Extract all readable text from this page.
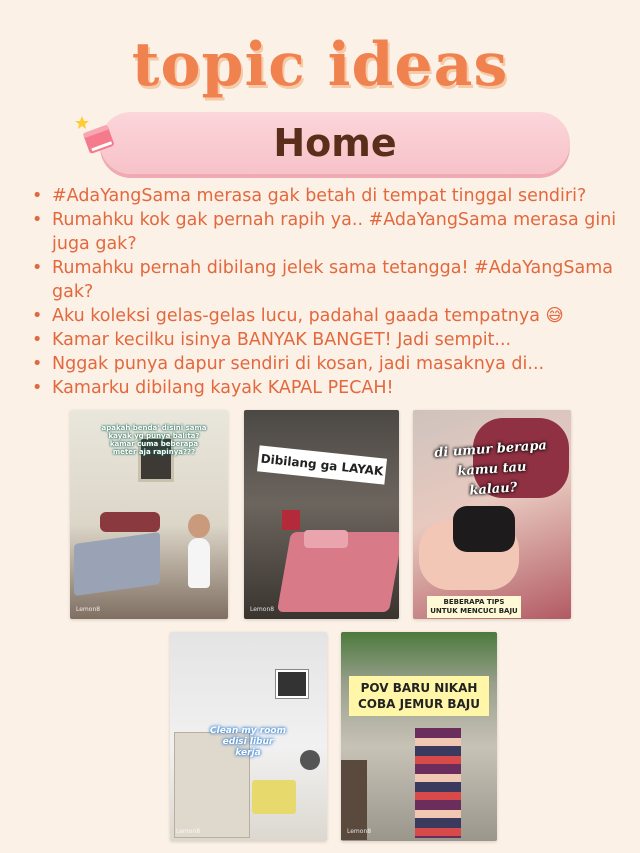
topic ideas
Home
• #AdaYangSama merasa gak betah di tempat tinggal sendiri?
• Rumahku kok gak pernah rapih ya.. #AdaYangSama merasa gini juga gak?
• Rumahku pernah dibilang jelek sama tetangga! #AdaYangSama gak?
• Aku koleksi gelas-gelas lucu, padahal gaada tempatnya 😅
• Kamar kecilku isinya BANYAK BANGET! Jadi sempit...
• Nggak punya dapur sendiri di kosan, jadi masaknya di...
• Kamarku dibilang kayak KAPAL PECAH!
apakah benda' disini sama kayak yg punya balita? kamar cuma beberapa meter aja rapinya???
Lemon8
Dibilang ga LAYAK
Lemon8
di umur berapa kamu tau kalau?
BEBERAPA TIPS UNTUK MENCUCI BAJU
Clean my room edisi libur kerja
Lemon8
POV BARU NIKAH COBA JEMUR BAJU
Lemon8
